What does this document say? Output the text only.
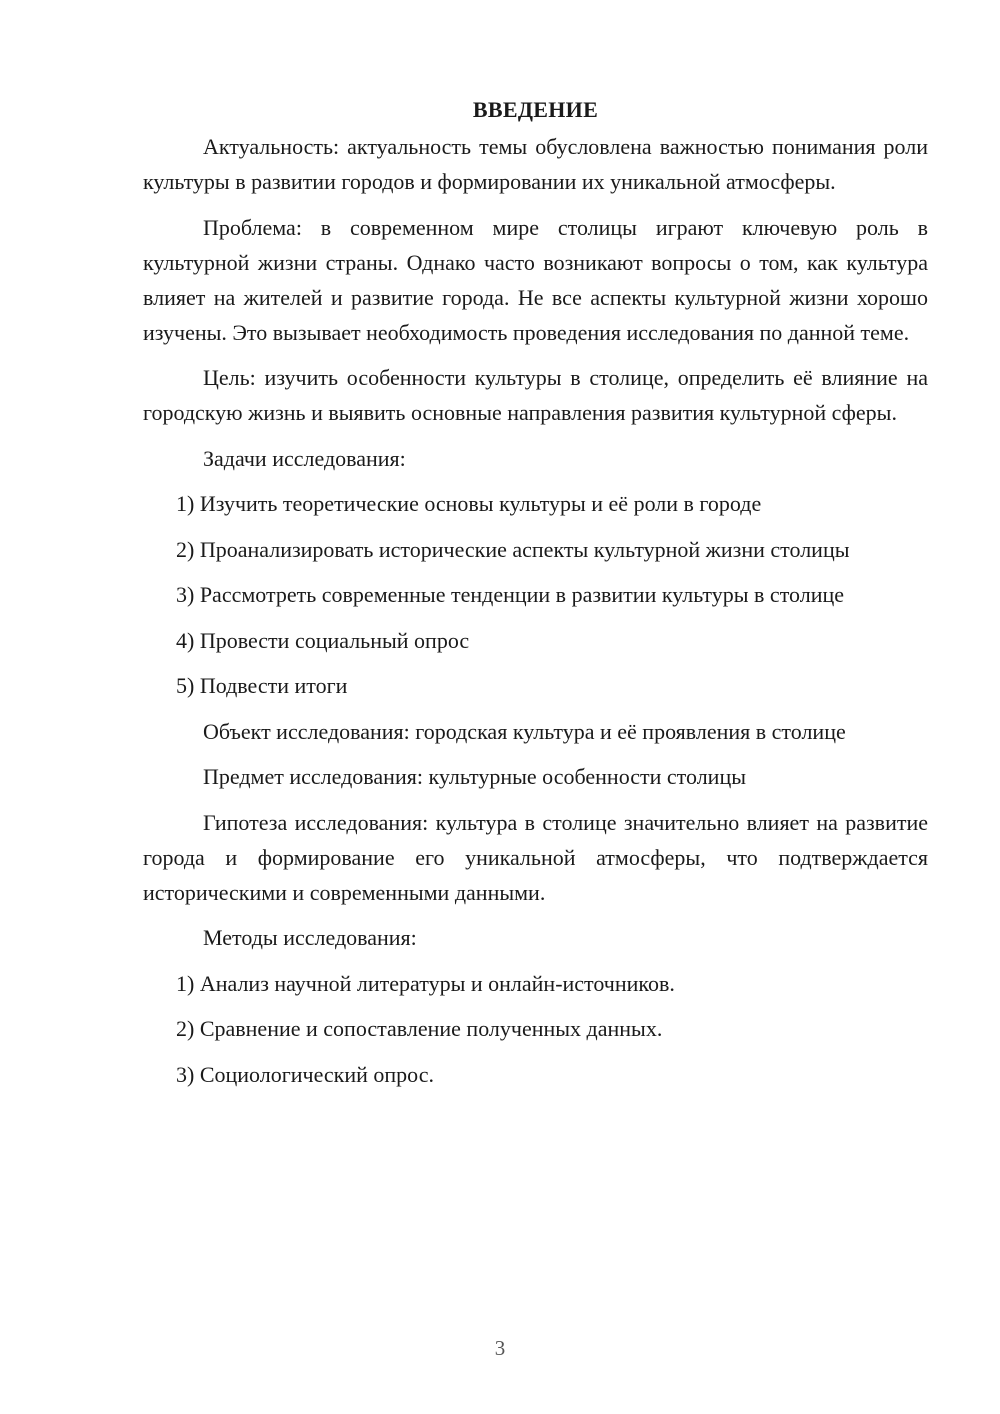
ВВЕДЕНИЕ

Актуальность: актуальность темы обусловлена важностью понимания роли культуры в развитии городов и формировании их уникальной атмосферы.

Проблема: в современном мире столицы играют ключевую роль в культурной жизни страны. Однако часто возникают вопросы о том, как культура влияет на жителей и развитие города. Не все аспекты культурной жизни хорошо изучены. Это вызывает необходимость проведения исследования по данной теме.

Цель: изучить особенности культуры в столице, определить её влияние на городскую жизнь и выявить основные направления развития культурной сферы.

Задачи исследования:

1) Изучить теоретические основы культуры и её роли в городе

2) Проанализировать исторические аспекты культурной жизни столицы

3) Рассмотреть современные тенденции в развитии культуры в столице

4) Провести социальный опрос

5) Подвести итоги

Объект исследования: городская культура и её проявления в столице

Предмет исследования: культурные особенности столицы

Гипотеза исследования: культура в столице значительно влияет на развитие города и формирование его уникальной атмосферы, что подтверждается историческими и современными данными.

Методы исследования:

1) Анализ научной литературы и онлайн-источников.

2) Сравнение и сопоставление полученных данных.

3) Социологический опрос.

3
